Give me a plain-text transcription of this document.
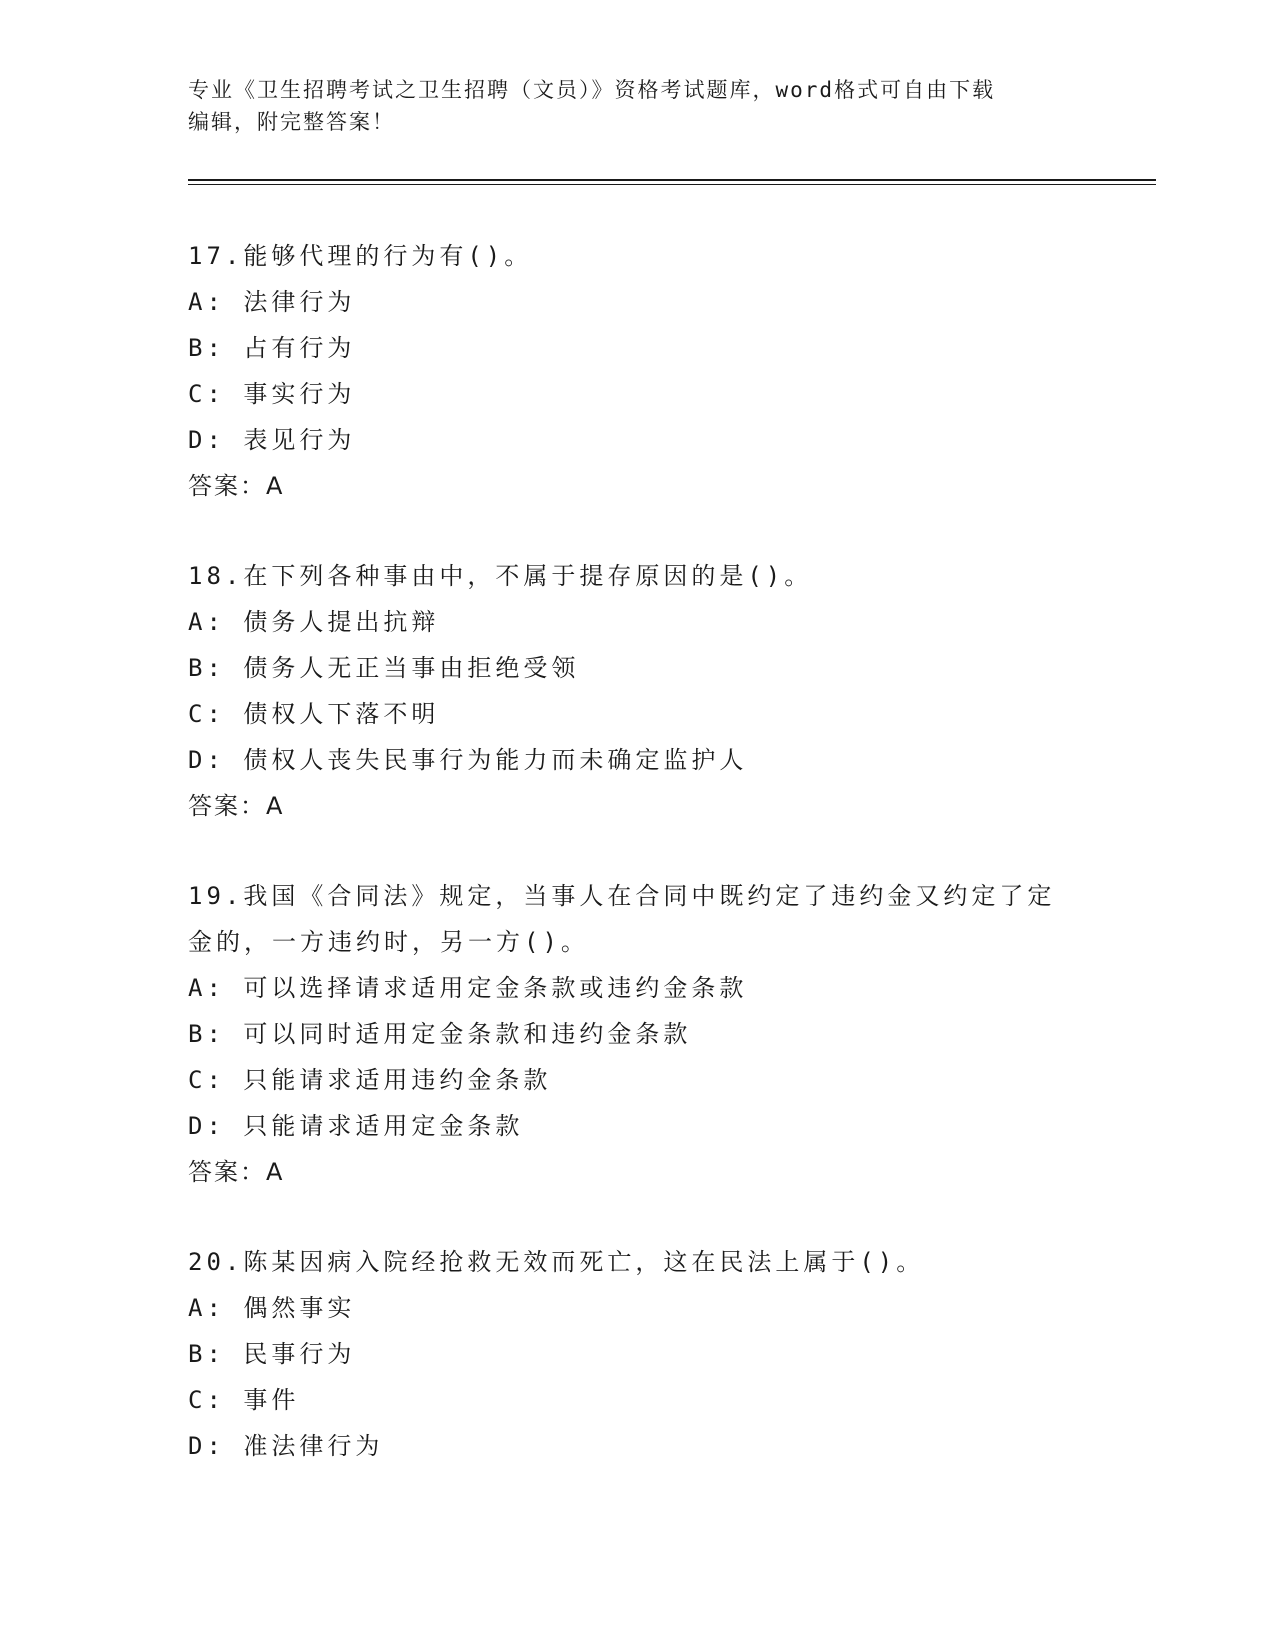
专业《卫生招聘考试之卫生招聘（文员）》资格考试题库，word格式可自由下载
编辑，附完整答案！
17.能够代理的行为有()。
A: 法律行为
B: 占有行为
C: 事实行为
D: 表见行为
答案：A
18.在下列各种事由中，不属于提存原因的是()。
A: 债务人提出抗辩
B: 债务人无正当事由拒绝受领
C: 债权人下落不明
D: 债权人丧失民事行为能力而未确定监护人
答案：A
19.我国《合同法》规定，当事人在合同中既约定了违约金又约定了定
金的，一方违约时，另一方()。
A: 可以选择请求适用定金条款或违约金条款
B: 可以同时适用定金条款和违约金条款
C: 只能请求适用违约金条款
D: 只能请求适用定金条款
答案：A
20.陈某因病入院经抢救无效而死亡，这在民法上属于()。
A: 偶然事实
B: 民事行为
C: 事件
D: 准法律行为
